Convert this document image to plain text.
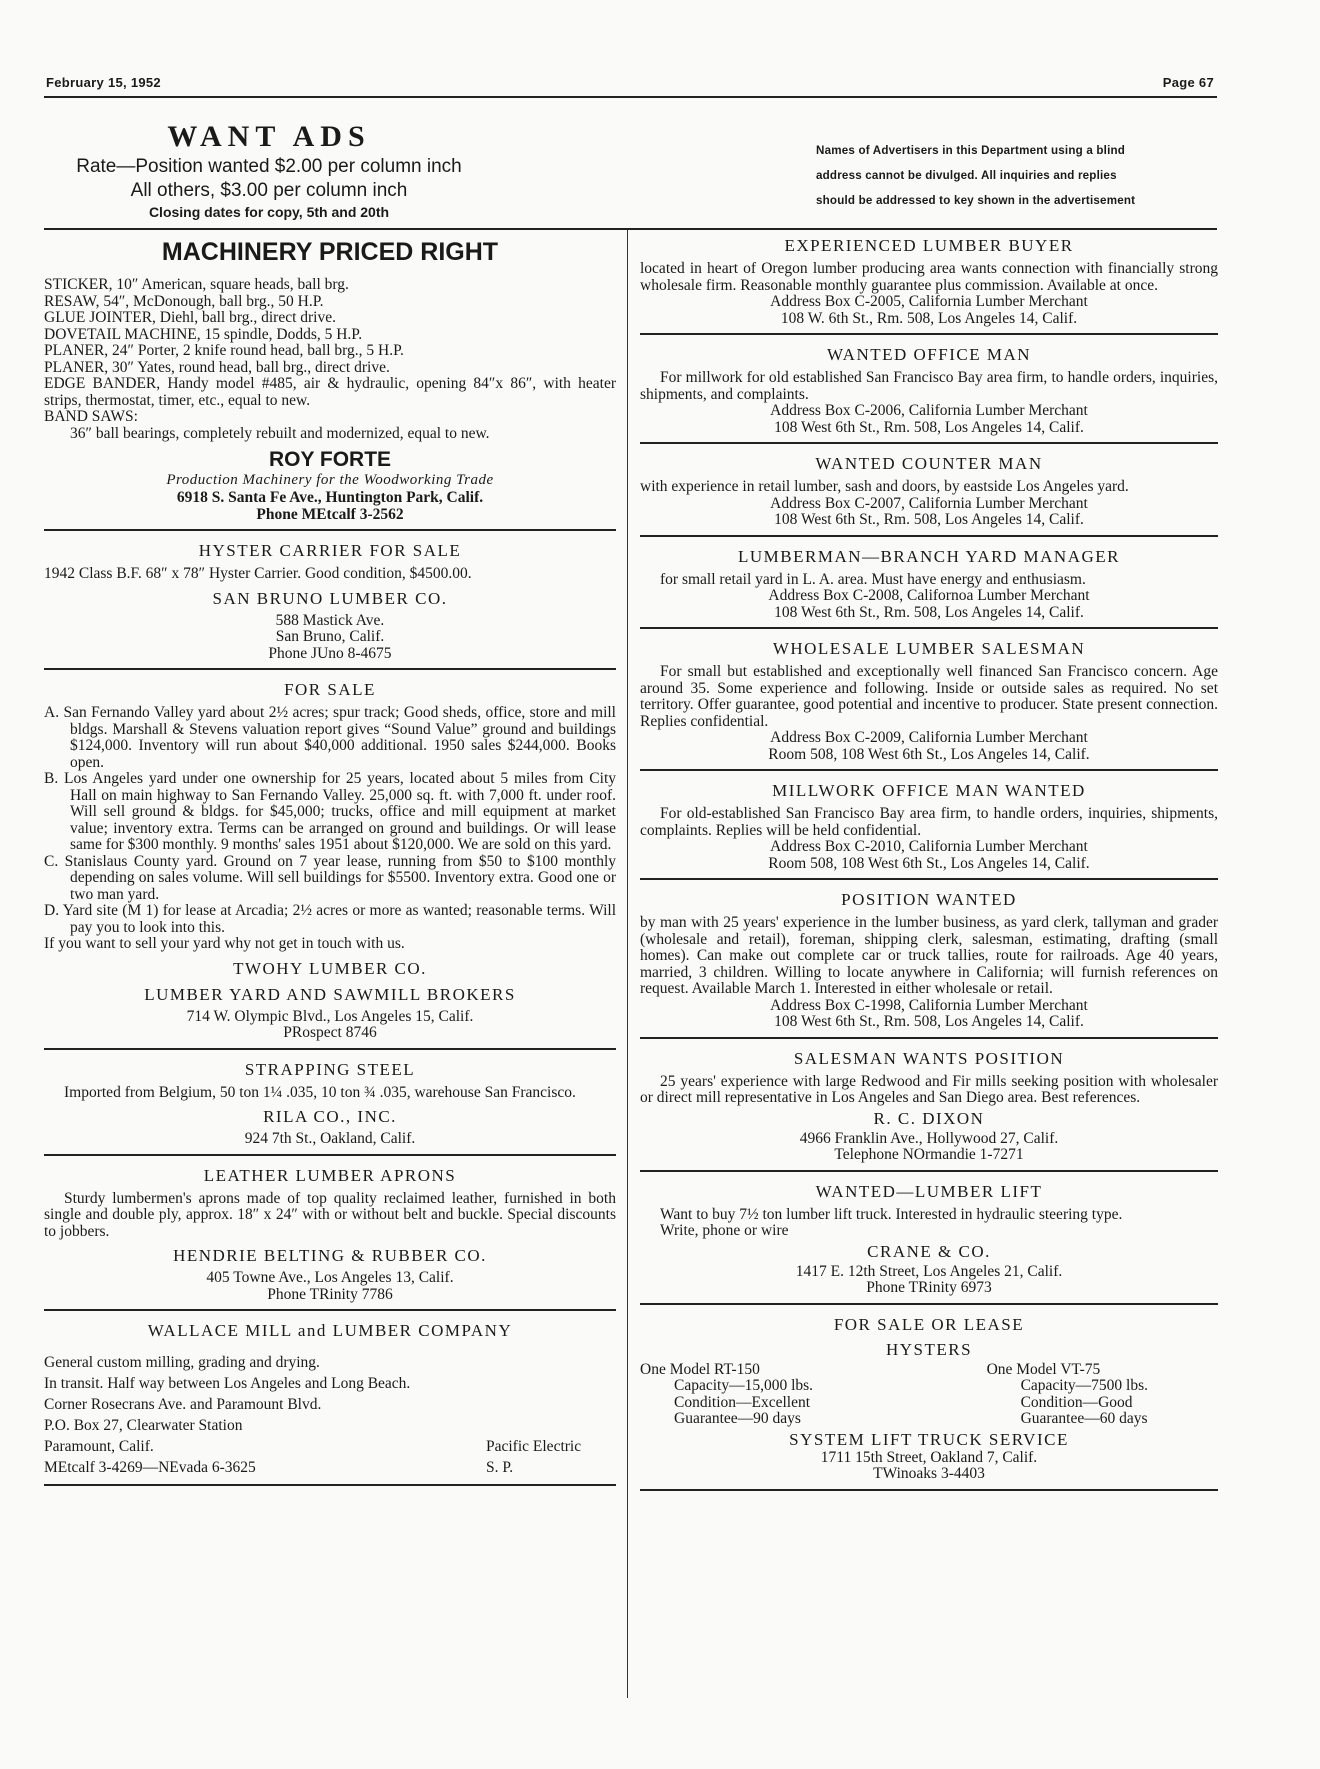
February 15, 1952	Page 67
WANT ADS
Rate—Position wanted $2.00 per column inch
All others, $3.00 per column inch
Closing dates for copy, 5th and 20th
Names of Advertisers in this Department using a blind
address cannot be divulged. All inquiries and replies
should be addressed to key shown in the advertisement
MACHINERY PRICED RIGHT
STICKER, 10″ American, square heads, ball brg.
RESAW, 54″, McDonough, ball brg., 50 H.P.
GLUE JOINTER, Diehl, ball brg., direct drive.
DOVETAIL MACHINE, 15 spindle, Dodds, 5 H.P.
PLANER, 24″ Porter, 2 knife round head, ball brg., 5 H.P.
PLANER, 30″ Yates, round head, ball brg., direct drive.
EDGE BANDER, Handy model #485, air & hydraulic, opening 84″x 86″, with heater strips, thermostat, timer, etc., equal to new.
BAND SAWS:
36″ ball bearings, completely rebuilt and modernized, equal to new.
ROY FORTE
Production Machinery for the Woodworking Trade
6918 S. Santa Fe Ave., Huntington Park, Calif.
Phone MEtcalf 3-2562
HYSTER CARRIER FOR SALE
1942 Class B.F. 68″ x 78″ Hyster Carrier. Good condition, $4500.00.
SAN BRUNO LUMBER CO.
588 Mastick Ave.
San Bruno, Calif.
Phone JUno 8-4675
FOR SALE
A. San Fernando Valley yard about 2½ acres; spur track; Good sheds, office, store and mill bldgs. Marshall & Stevens valuation report gives “Sound Value” ground and buildings $124,000. Inventory will run about $40,000 additional. 1950 sales $244,000. Books open.
B. Los Angeles yard under one ownership for 25 years, located about 5 miles from City Hall on main highway to San Fernando Valley. 25,000 sq. ft. with 7,000 ft. under roof. Will sell ground & bldgs. for $45,000; trucks, office and mill equipment at market value; inventory extra. Terms can be arranged on ground and buildings. Or will lease same for $300 monthly. 9 months' sales 1951 about $120,000. We are sold on this yard.
C. Stanislaus County yard. Ground on 7 year lease, running from $50 to $100 monthly depending on sales volume. Will sell buildings for $5500. Inventory extra. Good one or two man yard.
D. Yard site (M 1) for lease at Arcadia; 2½ acres or more as wanted; reasonable terms. Will pay you to look into this.
If you want to sell your yard why not get in touch with us.
TWOHY LUMBER CO.
LUMBER YARD AND SAWMILL BROKERS
714 W. Olympic Blvd., Los Angeles 15, Calif.
PRospect 8746
STRAPPING STEEL
Imported from Belgium, 50 ton 1¼ .035, 10 ton ¾ .035, warehouse San Francisco.
RILA CO., INC.
924 7th St., Oakland, Calif.
LEATHER LUMBER APRONS
Sturdy lumbermen's aprons made of top quality reclaimed leather, furnished in both single and double ply, approx. 18″ x 24″ with or without belt and buckle. Special discounts to jobbers.
HENDRIE BELTING & RUBBER CO.
405 Towne Ave., Los Angeles 13, Calif.
Phone TRinity 7786
WALLACE MILL and LUMBER COMPANY
General custom milling, grading and drying.
In transit. Half way between Los Angeles and Long Beach.
Corner Rosecrans Ave. and Paramount Blvd.
P.O. Box 27, Clearwater Station
Paramount, Calif.	Pacific Electric
MEtcalf 3-4269—NEvada 6-3625	S. P.
EXPERIENCED LUMBER BUYER
located in heart of Oregon lumber producing area wants connection with financially strong wholesale firm. Reasonable monthly guarantee plus commission. Available at once.
Address Box C-2005, California Lumber Merchant
108 W. 6th St., Rm. 508, Los Angeles 14, Calif.
WANTED OFFICE MAN
For millwork for old established San Francisco Bay area firm, to handle orders, inquiries, shipments, and complaints.
Address Box C-2006, California Lumber Merchant
108 West 6th St., Rm. 508, Los Angeles 14, Calif.
WANTED COUNTER MAN
with experience in retail lumber, sash and doors, by eastside Los Angeles yard.
Address Box C-2007, California Lumber Merchant
108 West 6th St., Rm. 508, Los Angeles 14, Calif.
LUMBERMAN—BRANCH YARD MANAGER
for small retail yard in L. A. area. Must have energy and enthusiasm.
Address Box C-2008, Californoa Lumber Merchant
108 West 6th St., Rm. 508, Los Angeles 14, Calif.
WHOLESALE LUMBER SALESMAN
For small but established and exceptionally well financed San Francisco concern. Age around 35. Some experience and following. Inside or outside sales as required. No set territory. Offer guarantee, good potential and incentive to producer. State present connection. Replies confidential.
Address Box C-2009, California Lumber Merchant
Room 508, 108 West 6th St., Los Angeles 14, Calif.
MILLWORK OFFICE MAN WANTED
For old-established San Francisco Bay area firm, to handle orders, inquiries, shipments, complaints. Replies will be held confidential.
Address Box C-2010, California Lumber Merchant
Room 508, 108 West 6th St., Los Angeles 14, Calif.
POSITION WANTED
by man with 25 years' experience in the lumber business, as yard clerk, tallyman and grader (wholesale and retail), foreman, shipping clerk, salesman, estimating, drafting (small homes). Can make out complete car or truck tallies, route for railroads. Age 40 years, married, 3 children. Willing to locate anywhere in California; will furnish references on request. Available March 1. Interested in either wholesale or retail.
Address Box C-1998, California Lumber Merchant
108 West 6th St., Rm. 508, Los Angeles 14, Calif.
SALESMAN WANTS POSITION
25 years' experience with large Redwood and Fir mills seeking position with wholesaler or direct mill representative in Los Angeles and San Diego area. Best references.
R. C. DIXON
4966 Franklin Ave., Hollywood 27, Calif.
Telephone NOrmandie 1-7271
WANTED—LUMBER LIFT
Want to buy 7½ ton lumber lift truck. Interested in hydraulic steering type.
Write, phone or wire
CRANE & CO.
1417 E. 12th Street, Los Angeles 21, Calif.
Phone TRinity 6973
FOR SALE OR LEASE
HYSTERS
One Model RT-150
Capacity—15,000 lbs.
Condition—Excellent
Guarantee—90 days
One Model VT-75
Capacity—7500 lbs.
Condition—Good
Guarantee—60 days
SYSTEM LIFT TRUCK SERVICE
1711 15th Street, Oakland 7, Calif.
TWinoaks 3-4403
